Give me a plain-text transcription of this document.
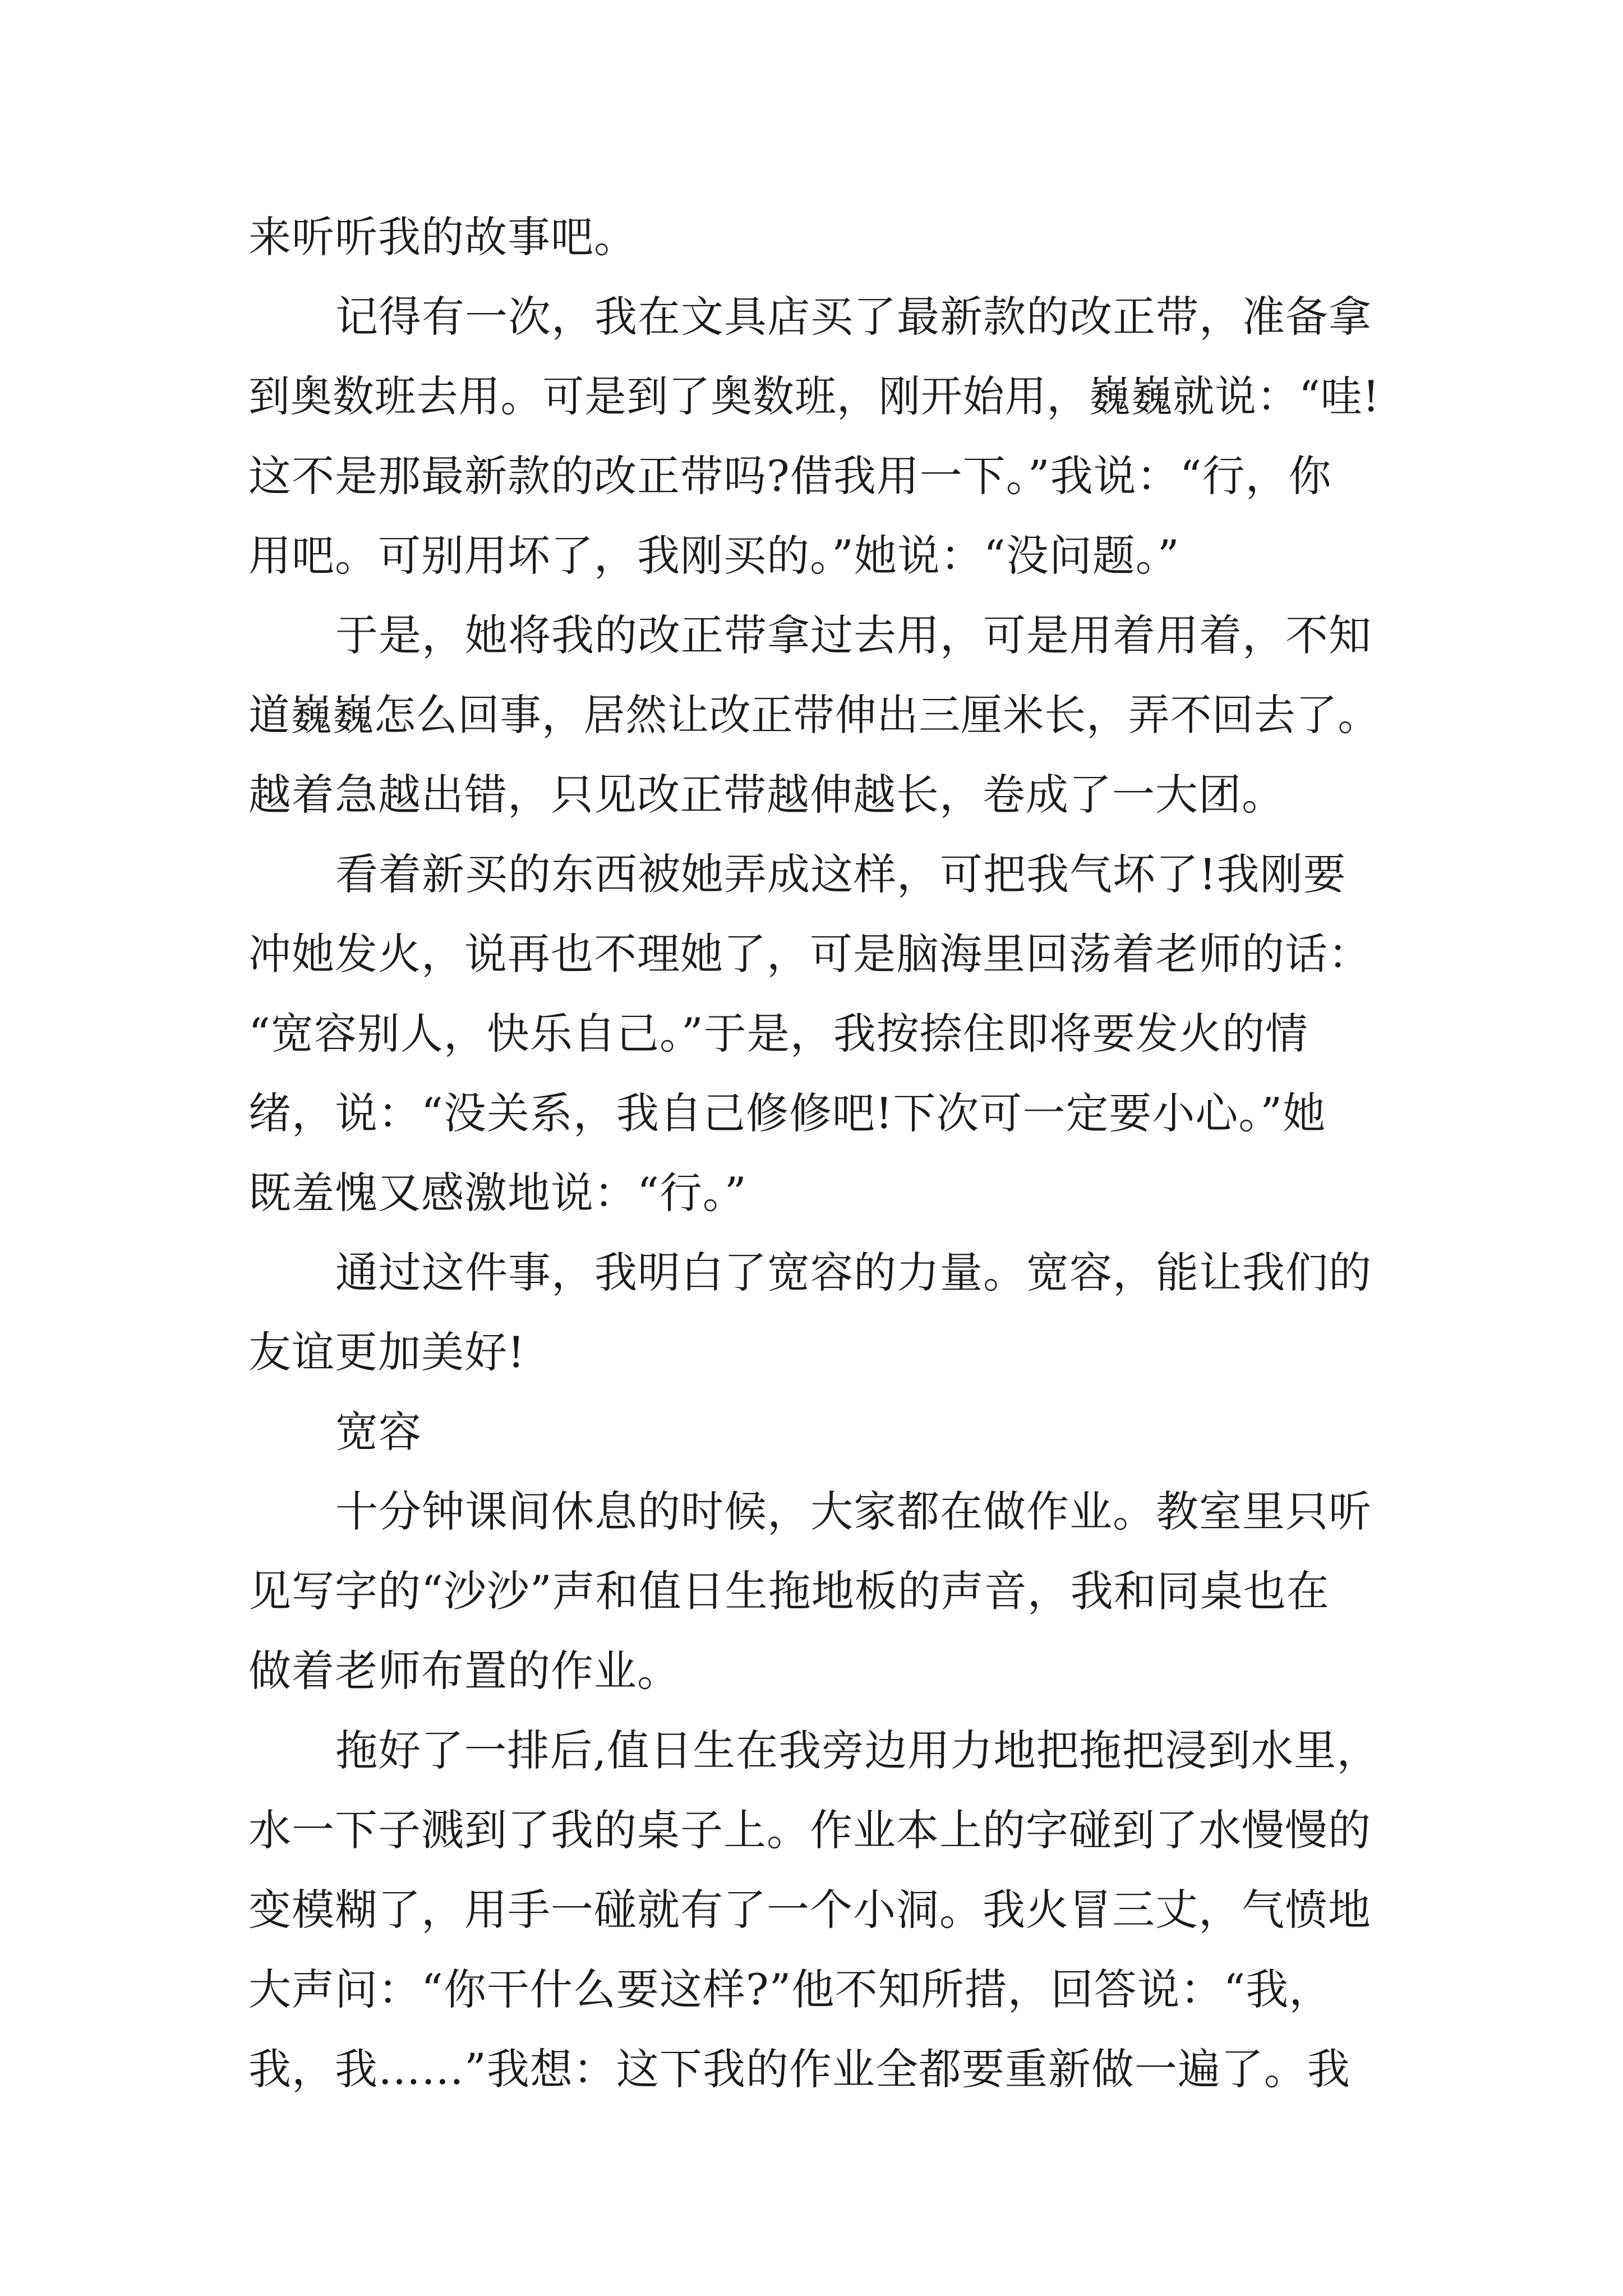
来听听我的故事吧。
记得有一次，我在文具店买了最新款的改正带，准备拿
到奥数班去用。可是到了奥数班，刚开始用，巍巍就说：“哇!
这不是那最新款的改正带吗?借我用一下。”我说：“行，你
用吧。可别用坏了，我刚买的。”她说：“没问题。”
于是，她将我的改正带拿过去用，可是用着用着，不知
道巍巍怎么回事，居然让改正带伸出三厘米长，弄不回去了。
越着急越出错，只见改正带越伸越长，卷成了一大团。
看着新买的东西被她弄成这样，可把我气坏了!我刚要
冲她发火，说再也不理她了，可是脑海里回荡着老师的话：
“宽容别人，快乐自己。”于是，我按捺住即将要发火的情
绪，说：“没关系，我自己修修吧!下次可一定要小心。”她
既羞愧又感激地说：“行。”
通过这件事，我明白了宽容的力量。宽容，能让我们的
友谊更加美好!
宽容
十分钟课间休息的时候，大家都在做作业。教室里只听
见写字的“沙沙”声和值日生拖地板的声音，我和同桌也在
做着老师布置的作业。
拖好了一排后,值日生在我旁边用力地把拖把浸到水里，
水一下子溅到了我的桌子上。作业本上的字碰到了水慢慢的
变模糊了，用手一碰就有了一个小洞。我火冒三丈，气愤地
大声问：“你干什么要这样?”他不知所措，回答说：“我，
我，我……”我想：这下我的作业全都要重新做一遍了。我
